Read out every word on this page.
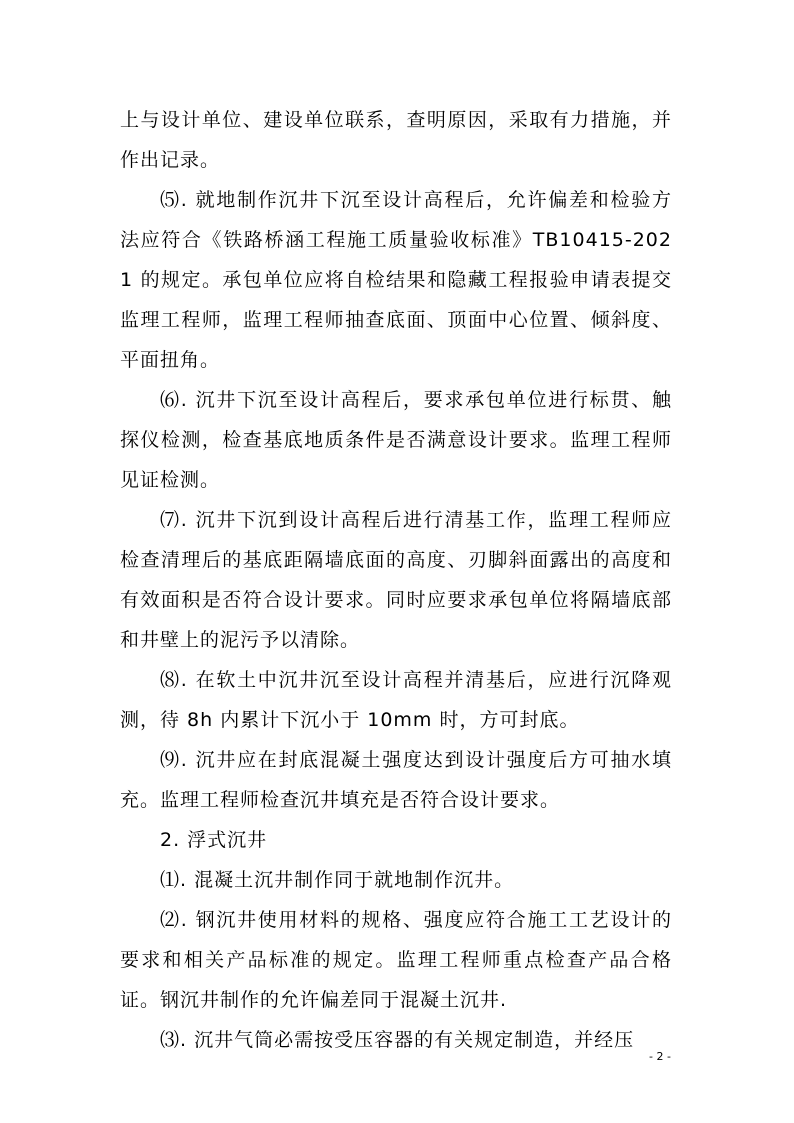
上与设计单位、建设单位联系，查明原因，采取有力措施，并作出记录。

⑸. 就地制作沉井下沉至设计高程后，允许偏差和检验方法应符合《铁路桥涵工程施工质量验收标准》TB10415-2021 的规定。承包单位应将自检结果和隐藏工程报验申请表提交监理工程师，监理工程师抽查底面、顶面中心位置、倾斜度、平面扭角。

⑹. 沉井下沉至设计高程后，要求承包单位进行标贯、触探仪检测，检查基底地质条件是否满意设计要求。监理工程师见证检测。

⑺. 沉井下沉到设计高程后进行清基工作，监理工程师应检查清理后的基底距隔墙底面的高度、刃脚斜面露出的高度和有效面积是否符合设计要求。同时应要求承包单位将隔墙底部和井壁上的泥污予以清除。

⑻. 在软土中沉井沉至设计高程并清基后，应进行沉降观测，待 8h 内累计下沉小于 10mm 时，方可封底。

⑼. 沉井应在封底混凝土强度达到设计强度后方可抽水填充。监理工程师检查沉井填充是否符合设计要求。

2. 浮式沉井

⑴. 混凝土沉井制作同于就地制作沉井。

⑵. 钢沉井使用材料的规格、强度应符合施工工艺设计的要求和相关产品标准的规定。监理工程师重点检查产品合格证。钢沉井制作的允许偏差同于混凝土沉井.

⑶. 沉井气筒必需按受压容器的有关规定制造，并经压

- 2 -
